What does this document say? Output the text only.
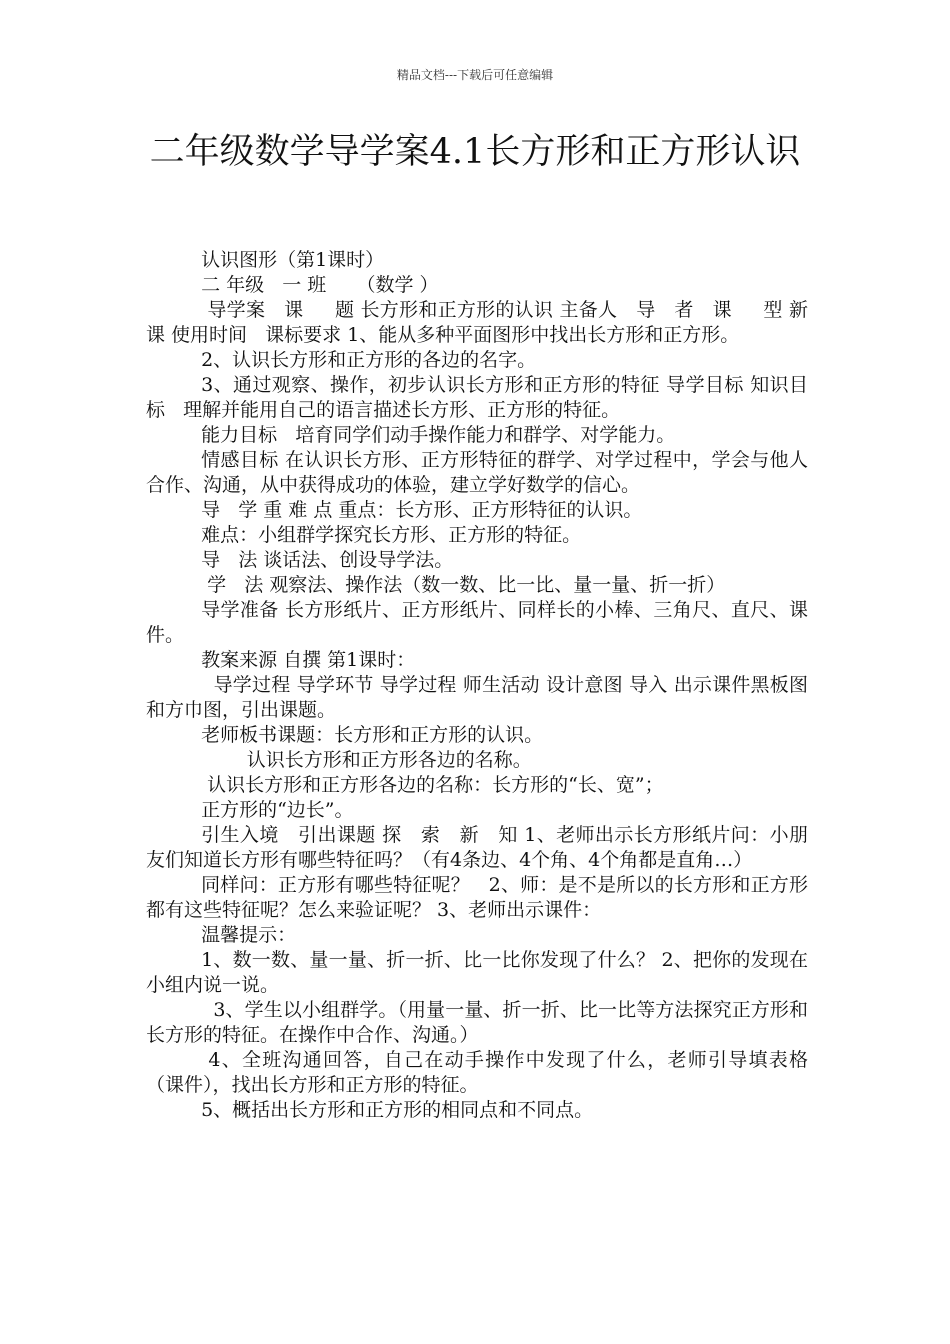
精品文档---下载后可任意编辑
二年级数学导学案4.1长方形和正方形认识

认识图形（第1课时）

二 年级   一 班     （数学 ）

导学案   课     题 长方形和正方形的认识 主备人   导   者   课     型 新课 使用时间   课标要求 1、能从多种平面图形中找出长方形和正方形。

2、认识长方形和正方形的各边的名字。

3、通过观察、操作，初步认识长方形和正方形的特征 导学目标 知识目标   理解并能用自己的语言描述长方形、正方形的特征。

能力目标   培育同学们动手操作能力和群学、对学能力。

情感目标 在认识长方形、正方形特征的群学、对学过程中，学会与他人合作、沟通，从中获得成功的体验，建立学好数学的信心。

导   学 重 难 点 重点：长方形、正方形特征的认识。

难点：小组群学探究长方形、正方形的特征。

导   法 谈话法、创设导学法。

学   法 观察法、操作法（数一数、比一比、量一量、折一折）

导学准备 长方形纸片、正方形纸片、同样长的小棒、三角尺、直尺、课件。

教案来源 自撰 第1课时：

导学过程 导学环节 导学过程 师生活动 设计意图 导入 出示课件黑板图和方巾图，引出课题。

老师板书课题：长方形和正方形的认识。

认识长方形和正方形各边的名称。

认识长方形和正方形各边的名称：长方形的“长、宽”；

正方形的“边长”。

引生入境   引出课题 探   索   新   知 1、老师出示长方形纸片问：小朋友们知道长方形有哪些特征吗？（有4条边、4个角、4个角都是直角…）

同样问：正方形有哪些特征呢？   2、师：是不是所以的长方形和正方形都有这些特征呢？怎么来验证呢？ 3、老师出示课件：

温馨提示：

1、数一数、量一量、折一折、比一比你发现了什么？ 2、把你的发现在小组内说一说。

3、学生以小组群学。（用量一量、折一折、比一比等方法探究正方形和长方形的特征。在操作中合作、沟通。）

4、全班沟通回答，自己在动手操作中发现了什么，老师引导填表格（课件），找出长方形和正方形的特征。

5、概括出长方形和正方形的相同点和不同点。
